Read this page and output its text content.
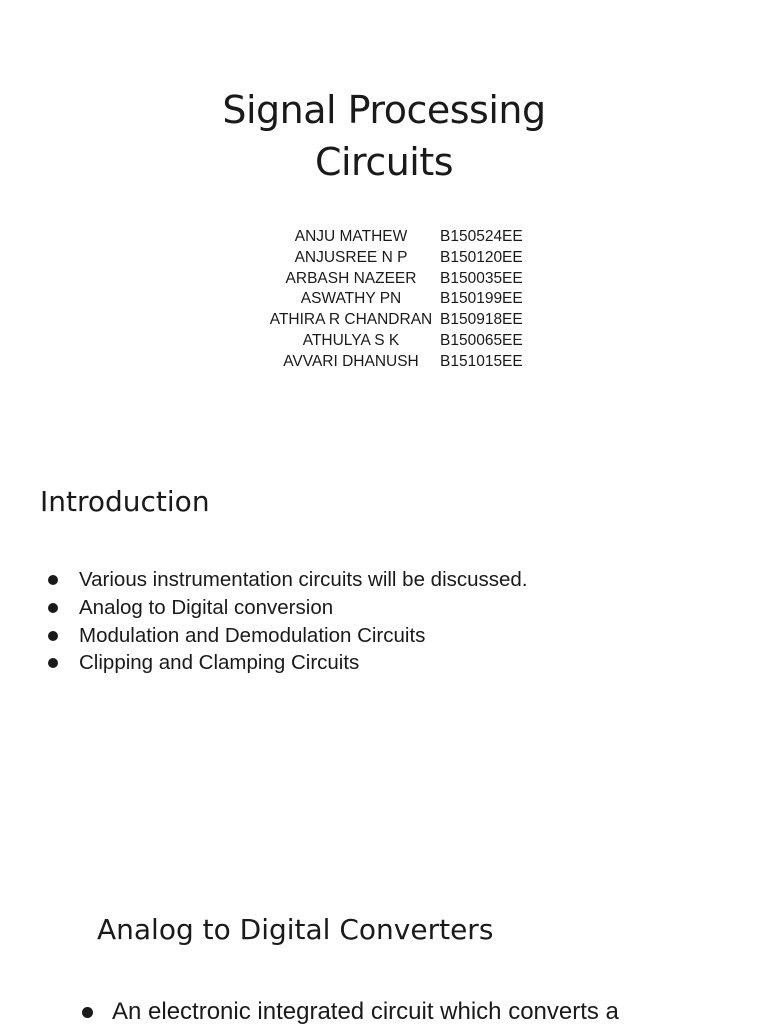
Signal Processing
Circuits
ANJU MATHEW	B150524EE
ANJUSREE N P	B150120EE
ARBASH NAZEER	B150035EE
ASWATHY PN	B150199EE
ATHIRA R CHANDRAN B150918EE
ATHULYA S K	B150065EE
AVVARI DHANUSH	B151015EE
Introduction
Various instrumentation circuits will be discussed.
Analog to Digital conversion
Modulation and Demodulation Circuits
Clipping and Clamping Circuits
Analog to Digital Converters
An electronic integrated circuit which converts a
